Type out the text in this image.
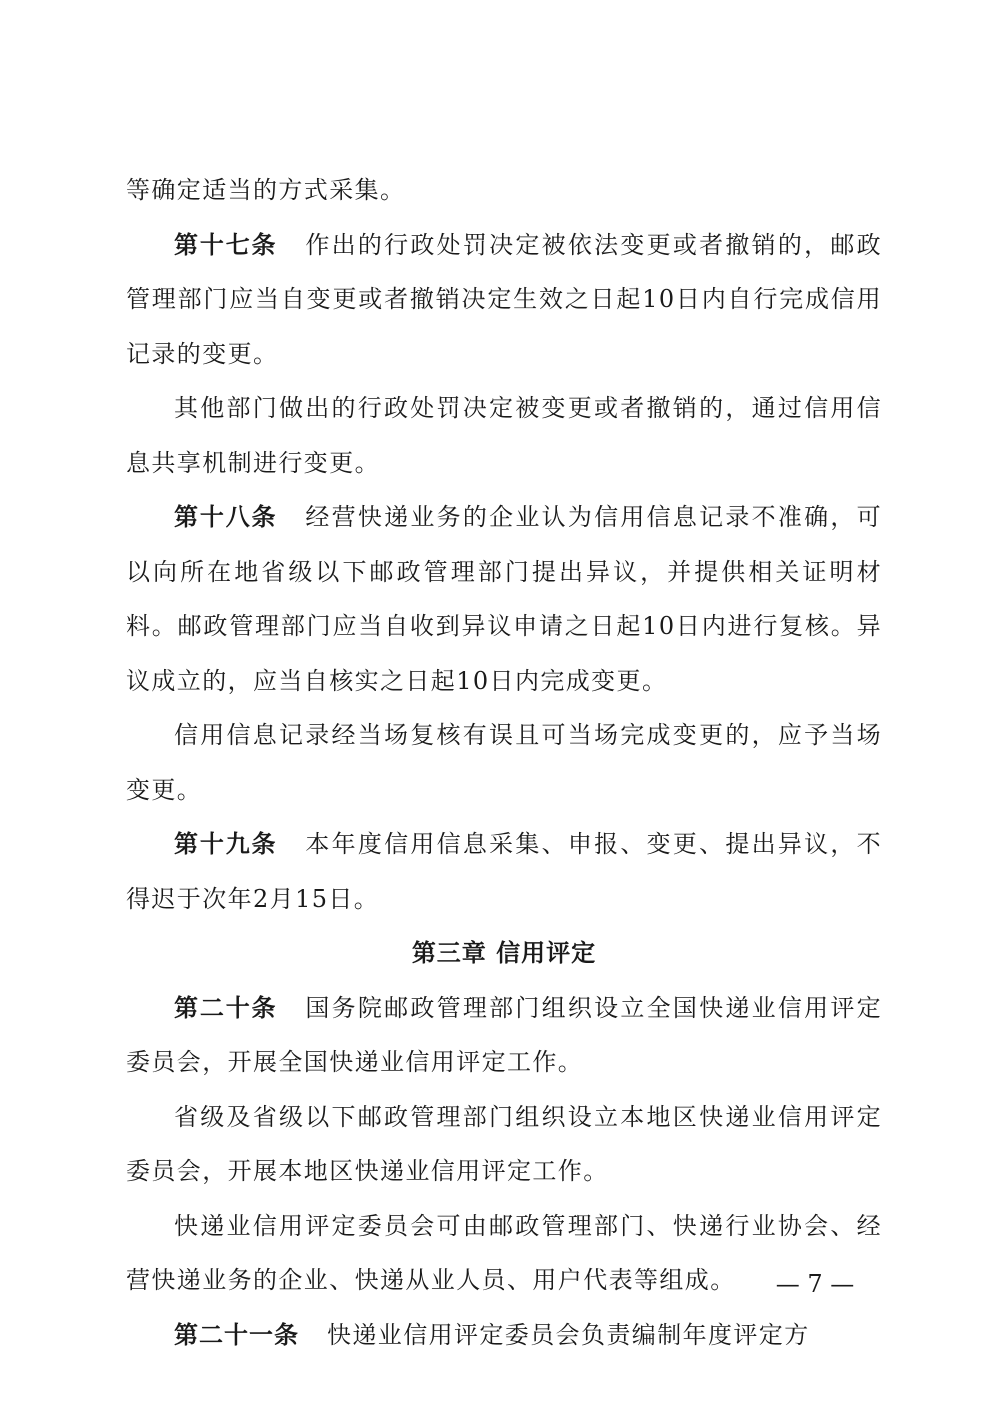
等确定适当的方式采集。

第十七条 作出的行政处罚决定被依法变更或者撤销的，邮政管理部门应当自变更或者撤销决定生效之日起10日内自行完成信用记录的变更。

其他部门做出的行政处罚决定被变更或者撤销的，通过信用信息共享机制进行变更。

第十八条 经营快递业务的企业认为信用信息记录不准确，可以向所在地省级以下邮政管理部门提出异议，并提供相关证明材料。邮政管理部门应当自收到异议申请之日起10日内进行复核。异议成立的，应当自核实之日起10日内完成变更。

信用信息记录经当场复核有误且可当场完成变更的，应予当场变更。

第十九条 本年度信用信息采集、申报、变更、提出异议，不得迟于次年2月15日。

第三章 信用评定

第二十条 国务院邮政管理部门组织设立全国快递业信用评定委员会，开展全国快递业信用评定工作。

省级及省级以下邮政管理部门组织设立本地区快递业信用评定委员会，开展本地区快递业信用评定工作。

快递业信用评定委员会可由邮政管理部门、快递行业协会、经营快递业务的企业、快递从业人员、用户代表等组成。

第二十一条 快递业信用评定委员会负责编制年度评定方

— 7 —
